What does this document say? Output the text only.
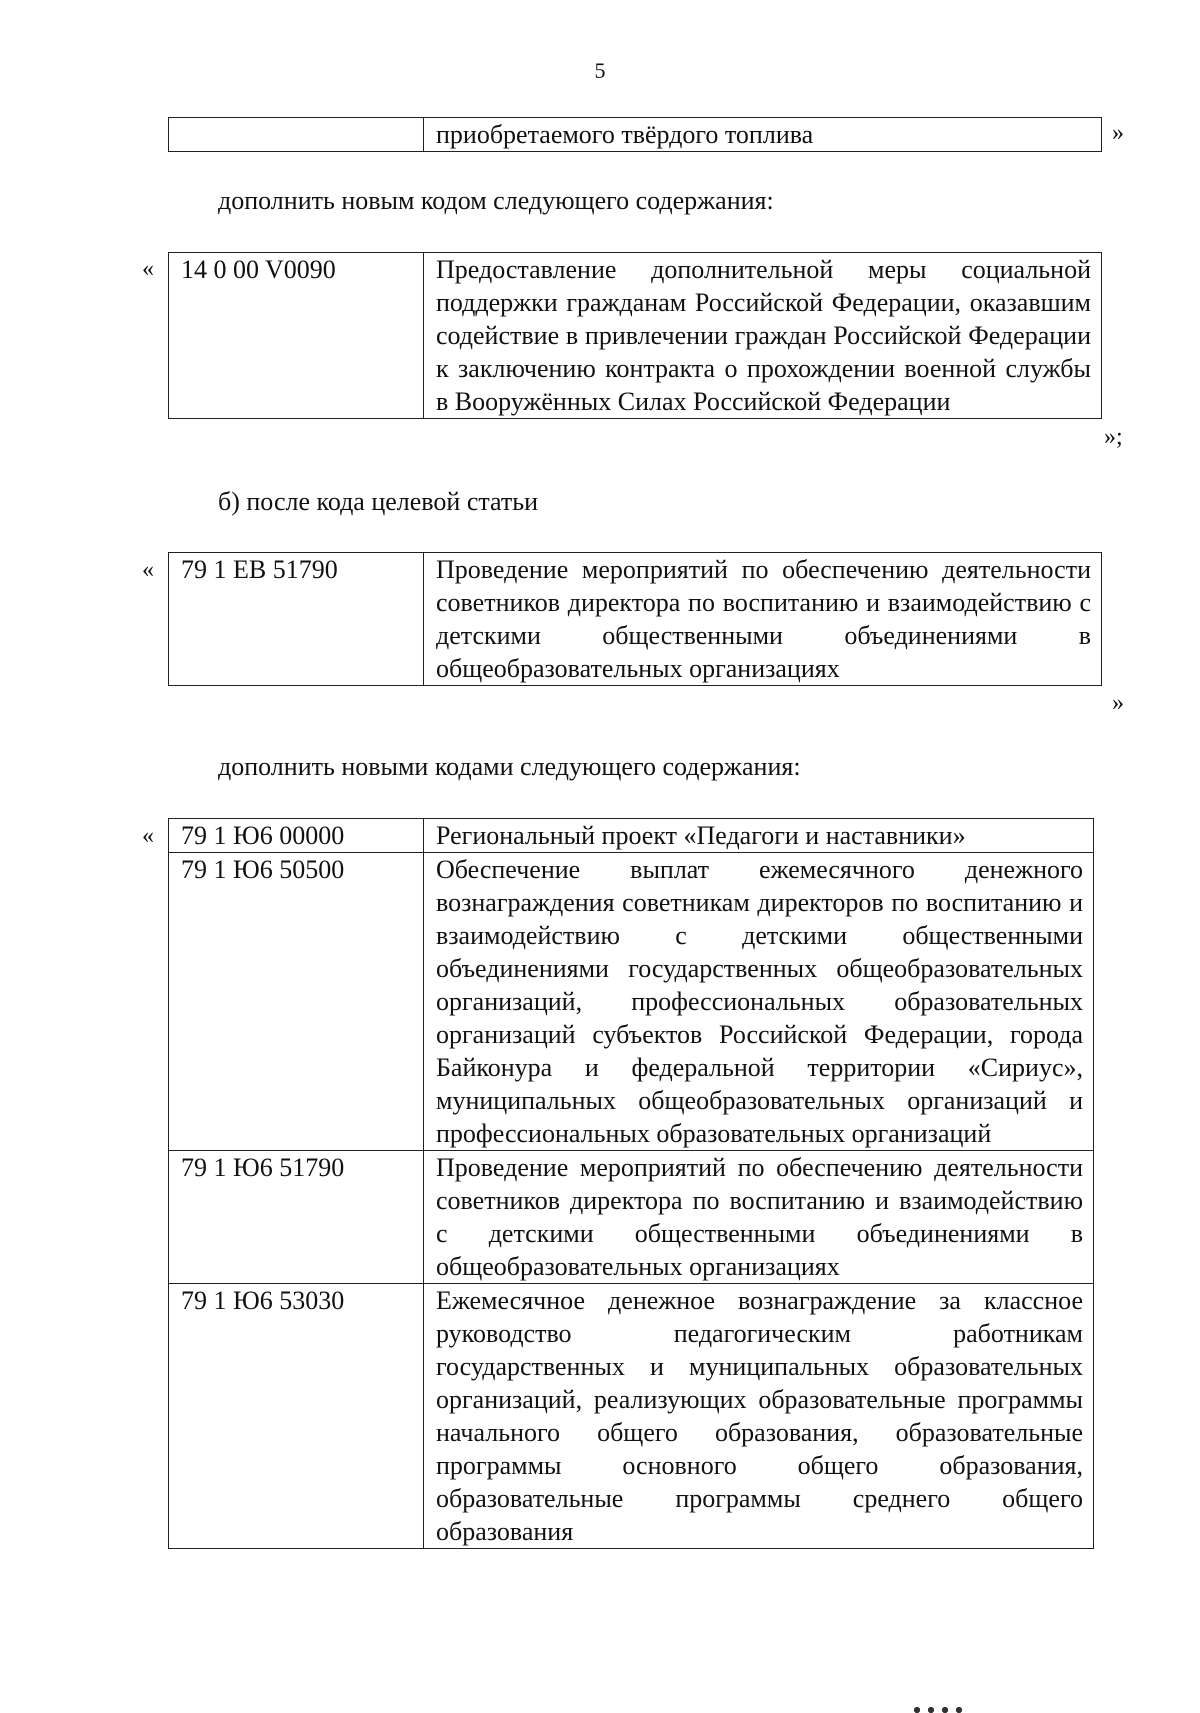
5
	приобретаемого твёрдого топлива	»
дополнить новым кодом следующего содержания:
« 14 0 00 V0090	Предоставление дополнительной меры социальной поддержки гражданам Российской Федерации, оказавшим содействие в привлечении граждан Российской Федерации к заключению контракта о прохождении военной службы в Вооружённых Силах Российской Федерации
»;
б) после кода целевой статьи
« 79 1 ЕВ 51790	Проведение мероприятий по обеспечению деятельности советников директора по воспитанию и взаимодействию с детскими общественными объединениями в общеобразовательных организациях
»
дополнить новыми кодами следующего содержания:
« 79 1 Ю6 00000	Региональный проект «Педагоги и наставники»
79 1 Ю6 50500	Обеспечение выплат ежемесячного денежного вознаграждения советникам директоров по воспитанию и взаимодействию с детскими общественными объединениями государственных общеобразовательных организаций, профессиональных образовательных организаций субъектов Российской Федерации, города Байконура и федеральной территории «Сириус», муниципальных общеобразовательных организаций и профессиональных образовательных организаций
79 1 Ю6 51790	Проведение мероприятий по обеспечению деятельности советников директора по воспитанию и взаимодействию с детскими общественными объединениями в общеобразовательных организациях
79 1 Ю6 53030	Ежемесячное денежное вознаграждение за классное руководство педагогическим работникам государственных и муниципальных образовательных организаций, реализующих образовательные программы начального общего образования, образовательные программы основного общего образования, образовательные программы среднего общего образования
